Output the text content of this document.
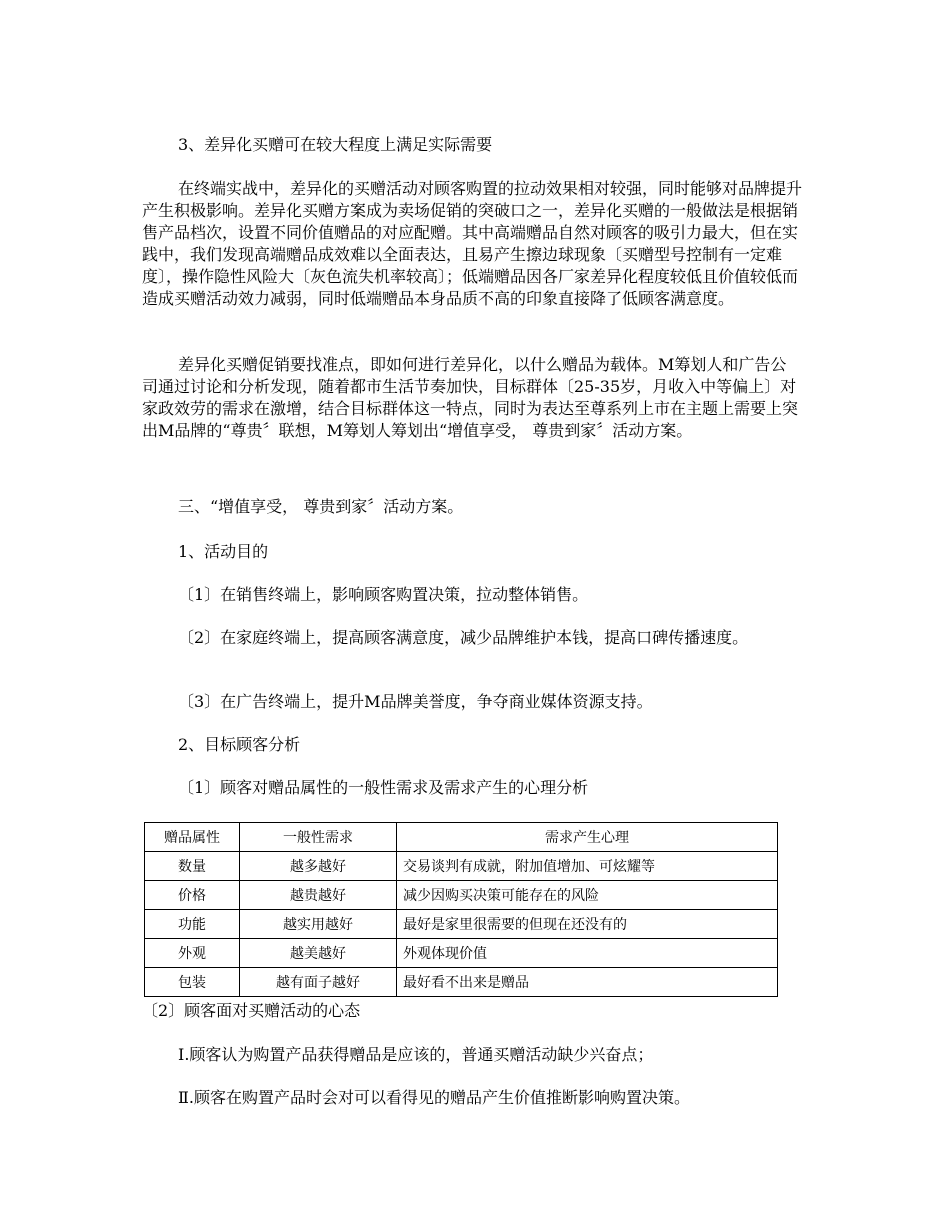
3、差异化买赠可在较大程度上满足实际需要

在终端实战中，差异化的买赠活动对顾客购置的拉动效果相对较强，同时能够对品牌提升产生积极影响。差异化买赠方案成为卖场促销的突破口之一，差异化买赠的一般做法是根据销售产品档次，设置不同价值赠品的对应配赠。其中高端赠品自然对顾客的吸引力最大，但在实践中，我们发现高端赠品成效难以全面表达，且易产生擦边球现象〔买赠型号控制有一定难度〕，操作隐性风险大〔灰色流失机率较高〕；低端赠品因各厂家差异化程度较低且价值较低而造成买赠活动效力减弱，同时低端赠品本身品质不高的印象直接降了低顾客满意度。

差异化买赠促销要找准点，即如何进行差异化，以什么赠品为载体。M筹划人和广告公司通过讨论和分析发现，随着都市生活节奏加快，目标群体〔25-35岁，月收入中等偏上〕对家政效劳的需求在激增，结合目标群体这一特点，同时为表达至尊系列上市在主题上需要上突出M品牌的“尊贵〞联想，M筹划人筹划出“增值享受， 尊贵到家〞活动方案。

三、“增值享受， 尊贵到家〞活动方案。

1、活动目的

〔1〕在销售终端上，影响顾客购置决策，拉动整体销售。

〔2〕在家庭终端上，提高顾客满意度，减少品牌维护本钱，提高口碑传播速度。

〔3〕在广告终端上，提升M品牌美誉度，争夺商业媒体资源支持。

2、目标顾客分析

〔1〕顾客对赠品属性的一般性需求及需求产生的心理分析

赠品属性	一般性需求	需求产生心理
数量	越多越好	交易谈判有成就，附加值增加、可炫耀等
价格	越贵越好	减少因购买决策可能存在的风险
功能	越实用越好	最好是家里很需要的但现在还没有的
外观	越美越好	外观体现价值
包装	越有面子越好	最好看不出来是赠品

〔2〕顾客面对买赠活动的心态

Ⅰ.顾客认为购置产品获得赠品是应该的，普通买赠活动缺少兴奋点；

Ⅱ.顾客在购置产品时会对可以看得见的赠品产生价值推断影响购置决策。
